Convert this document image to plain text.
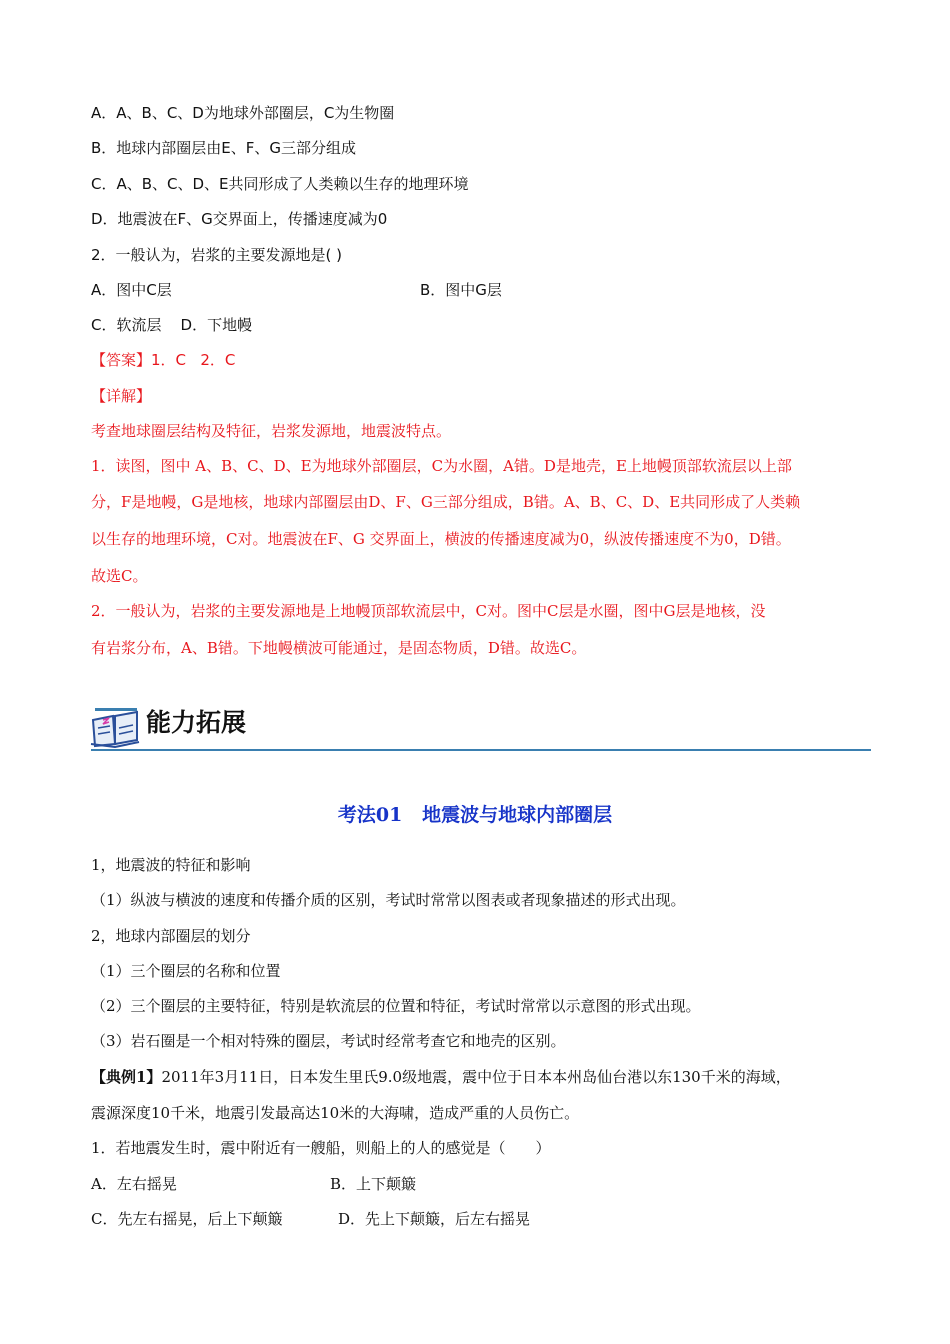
A．A、B、C、D为地球外部圈层，C为生物圈
B．地球内部圈层由E、F、G三部分组成
C．A、B、C、D、E共同形成了人类赖以生存的地理环境
D．地震波在F、G交界面上，传播速度减为0
2．一般认为，岩浆的主要发源地是( )
A．图中C层	B．图中G层
C．软流层    D．下地幔
【答案】1．C   2．C
【详解】
考查地球圈层结构及特征，岩浆发源地，地震波特点。
1．读图，图中 A、B、C、D、E为地球外部圈层，C为水圈，A错。D是地壳，E上地幔顶部软流层以上部
分，F是地幔，G是地核，地球内部圈层由D、F、G三部分组成，B错。A、B、C、D、E共同形成了人类赖
以生存的地理环境，C对。地震波在F、G 交界面上，横波的传播速度减为0，纵波传播速度不为0，D错。
故选C。
2．一般认为，岩浆的主要发源地是上地幔顶部软流层中，C对。图中C层是水圈，图中G层是地核，没
有岩浆分布，A、B错。下地幔横波可能通过，是固态物质，D错。故选C。
能力拓展
考法01   地震波与地球内部圈层
1，地震波的特征和影响
（1）纵波与横波的速度和传播介质的区别，考试时常常以图表或者现象描述的形式出现。
2，地球内部圈层的划分
（1）三个圈层的名称和位置
（2）三个圈层的主要特征，特别是软流层的位置和特征，考试时常常以示意图的形式出现。
（3）岩石圈是一个相对特殊的圈层，考试时经常考查它和地壳的区别。
【典例1】2011年3月11日，日本发生里氏9.0级地震，震中位于日本本州岛仙台港以东130千米的海域，
震源深度10千米，地震引发最高达10米的大海啸，造成严重的人员伤亡。
1．若地震发生时，震中附近有一艘船，则船上的人的感觉是（　　）
A．左右摇晃	B．上下颠簸
C．先左右摇晃，后上下颠簸	D．先上下颠簸，后左右摇晃
